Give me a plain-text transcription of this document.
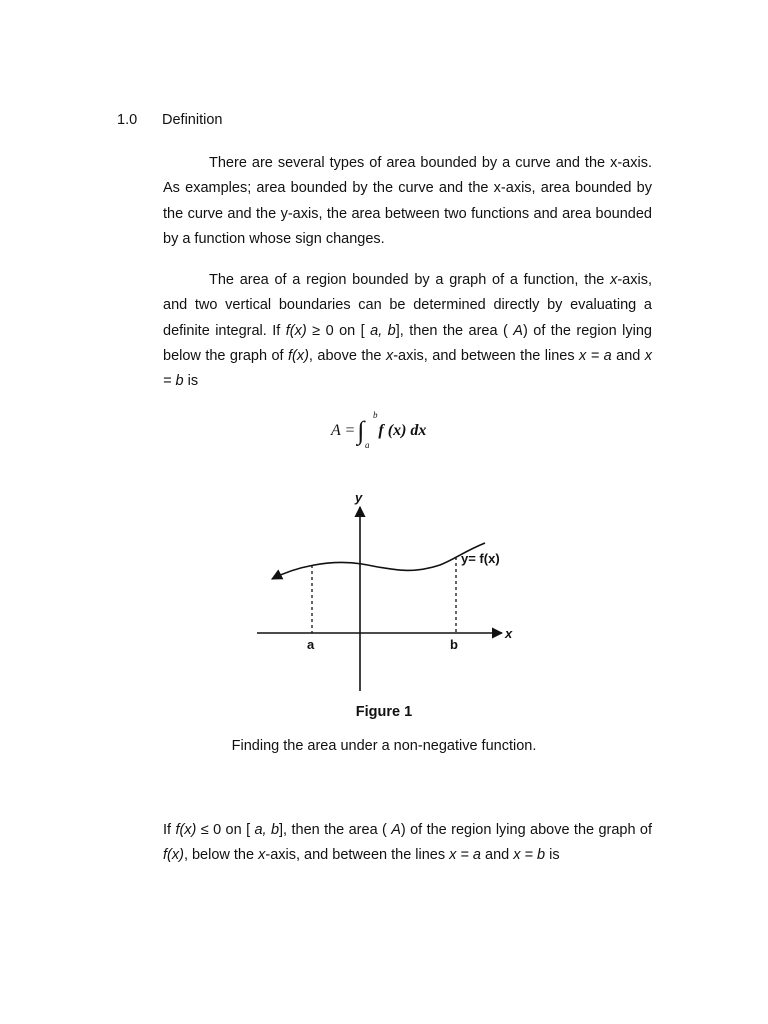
1.0 Definition

There are several types of area bounded by a curve and the x-axis. As examples; area bounded by the curve and the x-axis, area bounded by the curve and the y-axis, the area between two functions and area bounded by a function whose sign changes.

The area of a region bounded by a graph of a function, the x-axis, and two vertical boundaries can be determined directly by evaluating a definite integral. If f(x) ≥ 0 on [ a, b], then the area ( A) of the region lying below the graph of f(x), above the x-axis, and between the lines x = a and x = b is

A =∫
b
a
f (x) dx
y
x
y= f(x)
a	b
Figure 1
Finding the area under a non-negative function.

If f(x) ≤ 0 on [ a, b], then the area ( A) of the region lying above the graph of f(x), below the x-axis, and between the lines x = a and x = b is
